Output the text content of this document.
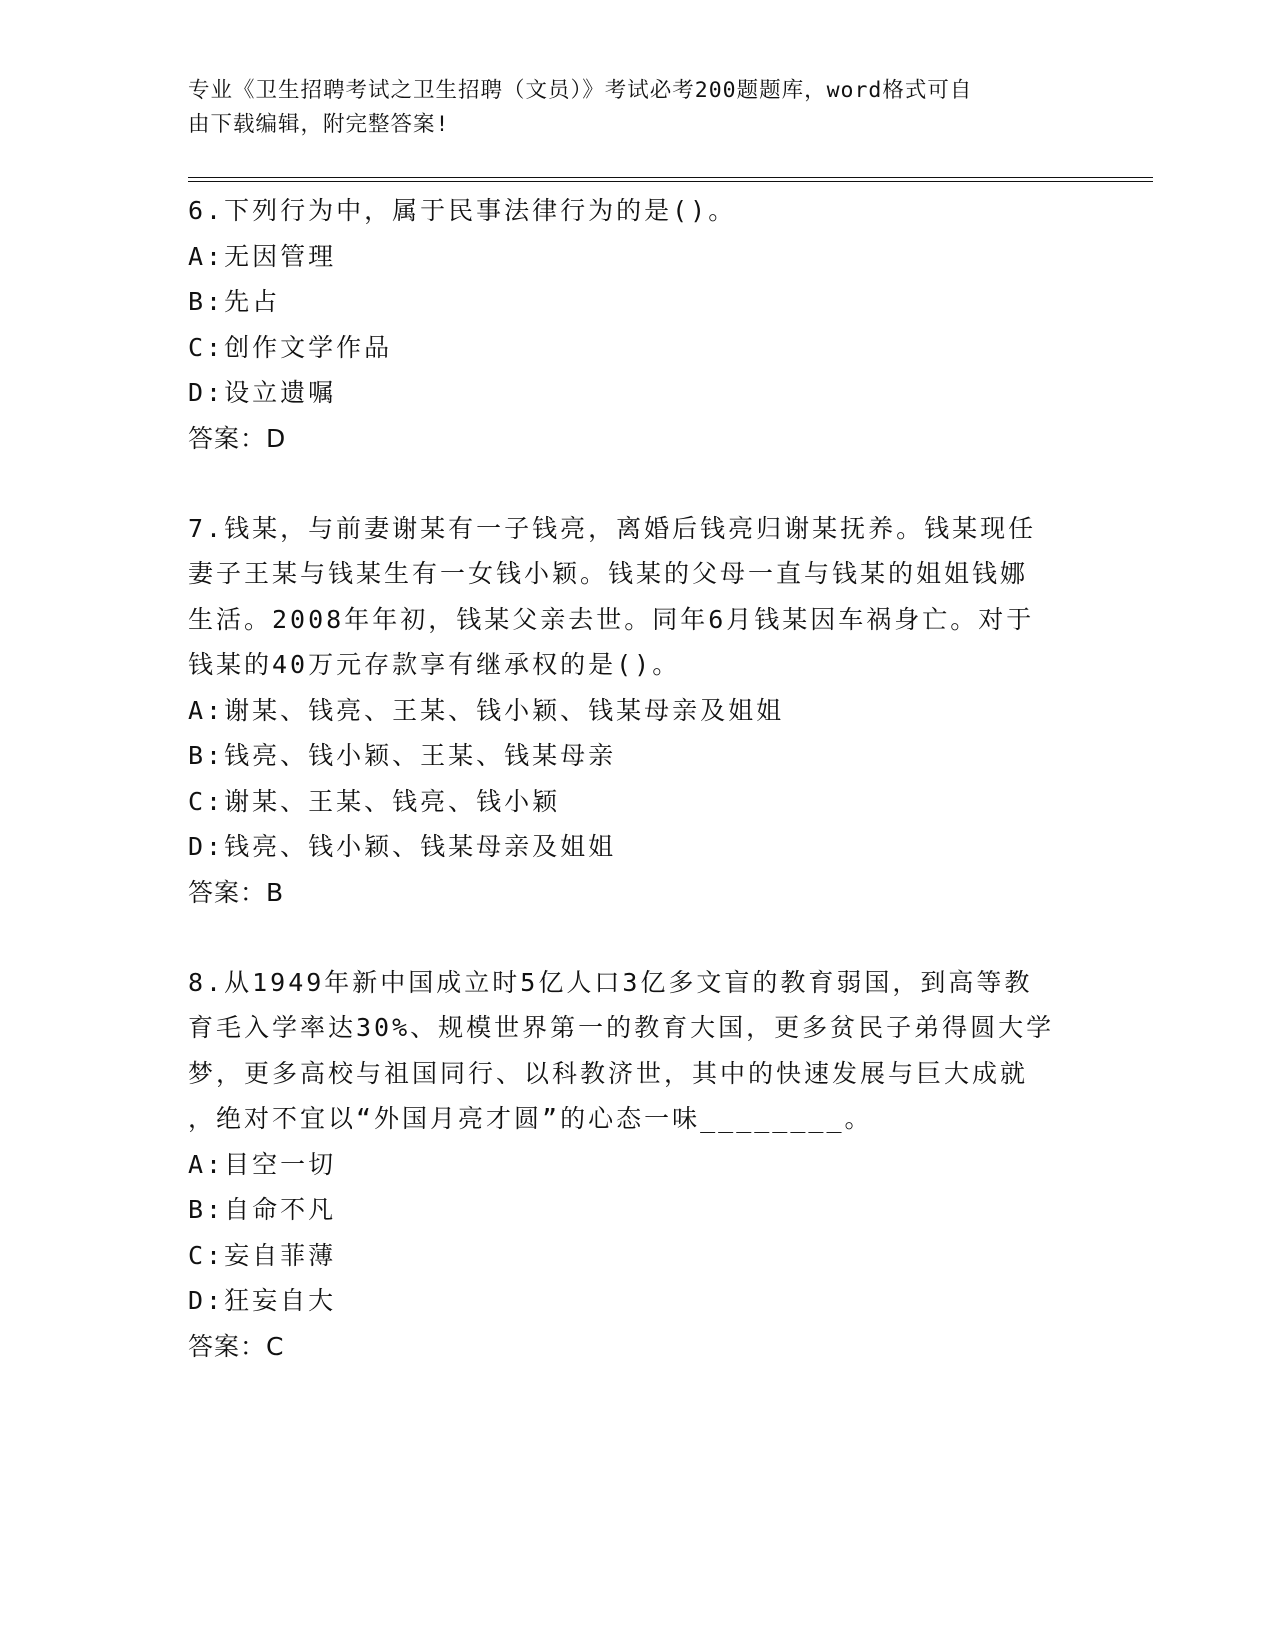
专业《卫生招聘考试之卫生招聘（文员）》考试必考200题题库，word格式可自
由下载编辑，附完整答案!

6.下列行为中，属于民事法律行为的是()。

A:无因管理

B:先占

C:创作文学作品

D:设立遗嘱

答案：D

7.钱某，与前妻谢某有一子钱亮，离婚后钱亮归谢某抚养。钱某现任

妻子王某与钱某生有一女钱小颖。钱某的父母一直与钱某的姐姐钱娜

生活。2008年年初，钱某父亲去世。同年6月钱某因车祸身亡。对于

钱某的40万元存款享有继承权的是()。

A:谢某、钱亮、王某、钱小颖、钱某母亲及姐姐

B:钱亮、钱小颖、王某、钱某母亲

C:谢某、王某、钱亮、钱小颖

D:钱亮、钱小颖、钱某母亲及姐姐

答案：B

8.从1949年新中国成立时5亿人口3亿多文盲的教育弱国，到高等教

育毛入学率达30%、规模世界第一的教育大国，更多贫民子弟得圆大学

梦，更多高校与祖国同行、以科教济世，其中的快速发展与巨大成就

，绝对不宜以“外国月亮才圆”的心态一味________。

A:目空一切

B:自命不凡

C:妄自菲薄

D:狂妄自大

答案：C
